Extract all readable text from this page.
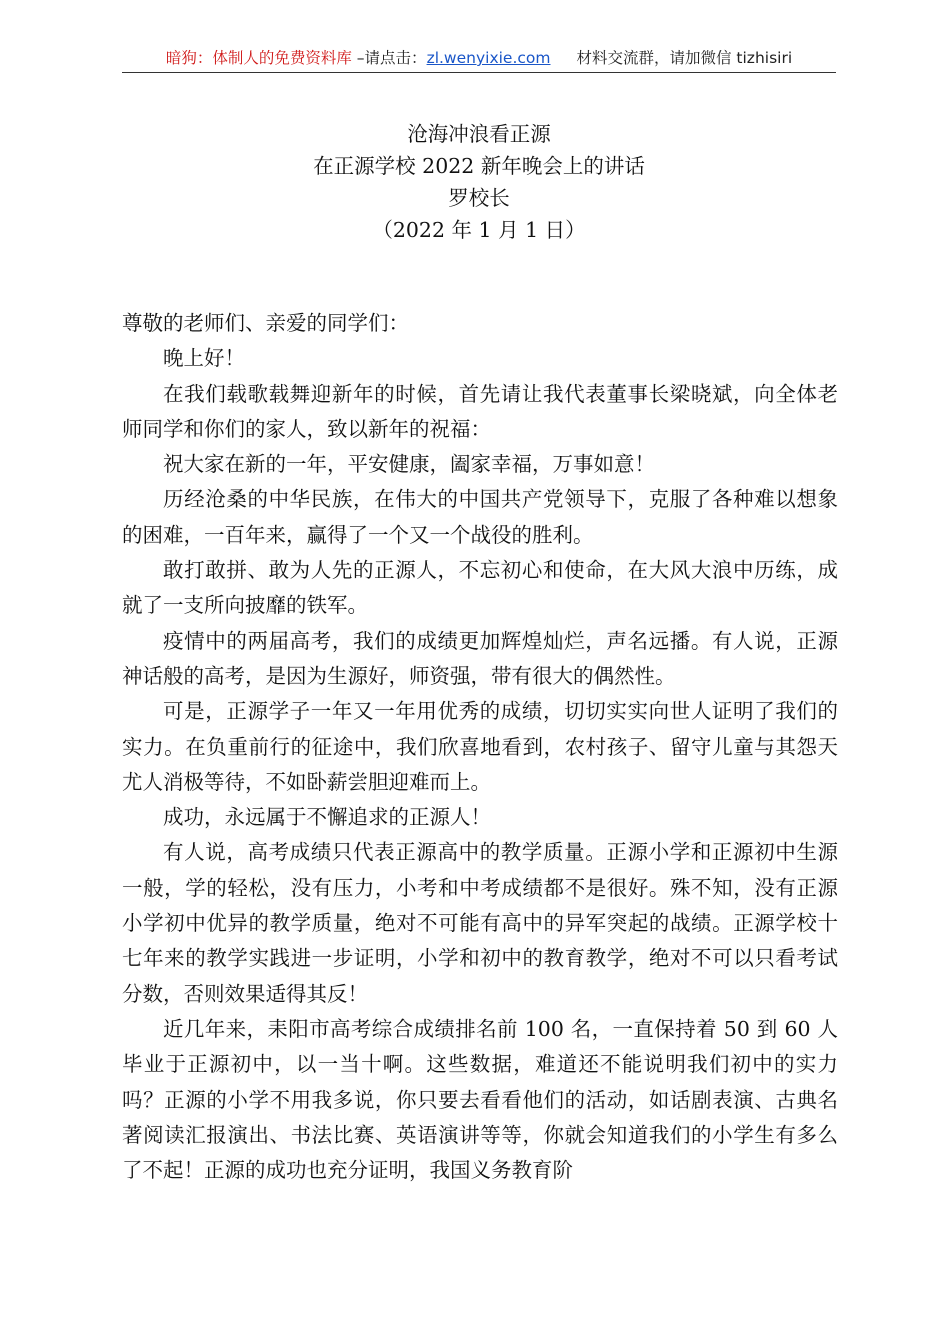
暗狗：体制人的免费资料库 –请点击：zl.wenyixie.com 材料交流群，请加微信 tizhisiri
沧海冲浪看正源
在正源学校 2022 新年晚会上的讲话
罗校长
（2022 年 1 月 1 日）

尊敬的老师们、亲爱的同学们：

晚上好！

在我们载歌载舞迎新年的时候，首先请让我代表董事长梁晓斌，向全体老师同学和你们的家人，致以新年的祝福：

祝大家在新的一年，平安健康，阖家幸福，万事如意！

历经沧桑的中华民族，在伟大的中国共产党领导下，克服了各种难以想象的困难，一百年来，赢得了一个又一个战役的胜利。

敢打敢拼、敢为人先的正源人，不忘初心和使命，在大风大浪中历练，成就了一支所向披靡的铁军。

疫情中的两届高考，我们的成绩更加辉煌灿烂，声名远播。有人说，正源神话般的高考，是因为生源好，师资强，带有很大的偶然性。

可是，正源学子一年又一年用优秀的成绩，切切实实向世人证明了我们的实力。在负重前行的征途中，我们欣喜地看到，农村孩子、留守儿童与其怨天尤人消极等待，不如卧薪尝胆迎难而上。

成功，永远属于不懈追求的正源人！

有人说，高考成绩只代表正源高中的教学质量。正源小学和正源初中生源一般，学的轻松，没有压力，小考和中考成绩都不是很好。殊不知，没有正源小学初中优异的教学质量，绝对不可能有高中的异军突起的战绩。正源学校十七年来的教学实践进一步证明，小学和初中的教育教学，绝对不可以只看考试分数，否则效果适得其反！

近几年来，耒阳市高考综合成绩排名前 100 名，一直保持着 50 到 60 人毕业于正源初中，以一当十啊。这些数据，难道还不能说明我们初中的实力吗？正源的小学不用我多说，你只要去看看他们的活动，如话剧表演、古典名著阅读汇报演出、书法比赛、英语演讲等等，你就会知道我们的小学生有多么了不起！正源的成功也充分证明，我国义务教育阶
